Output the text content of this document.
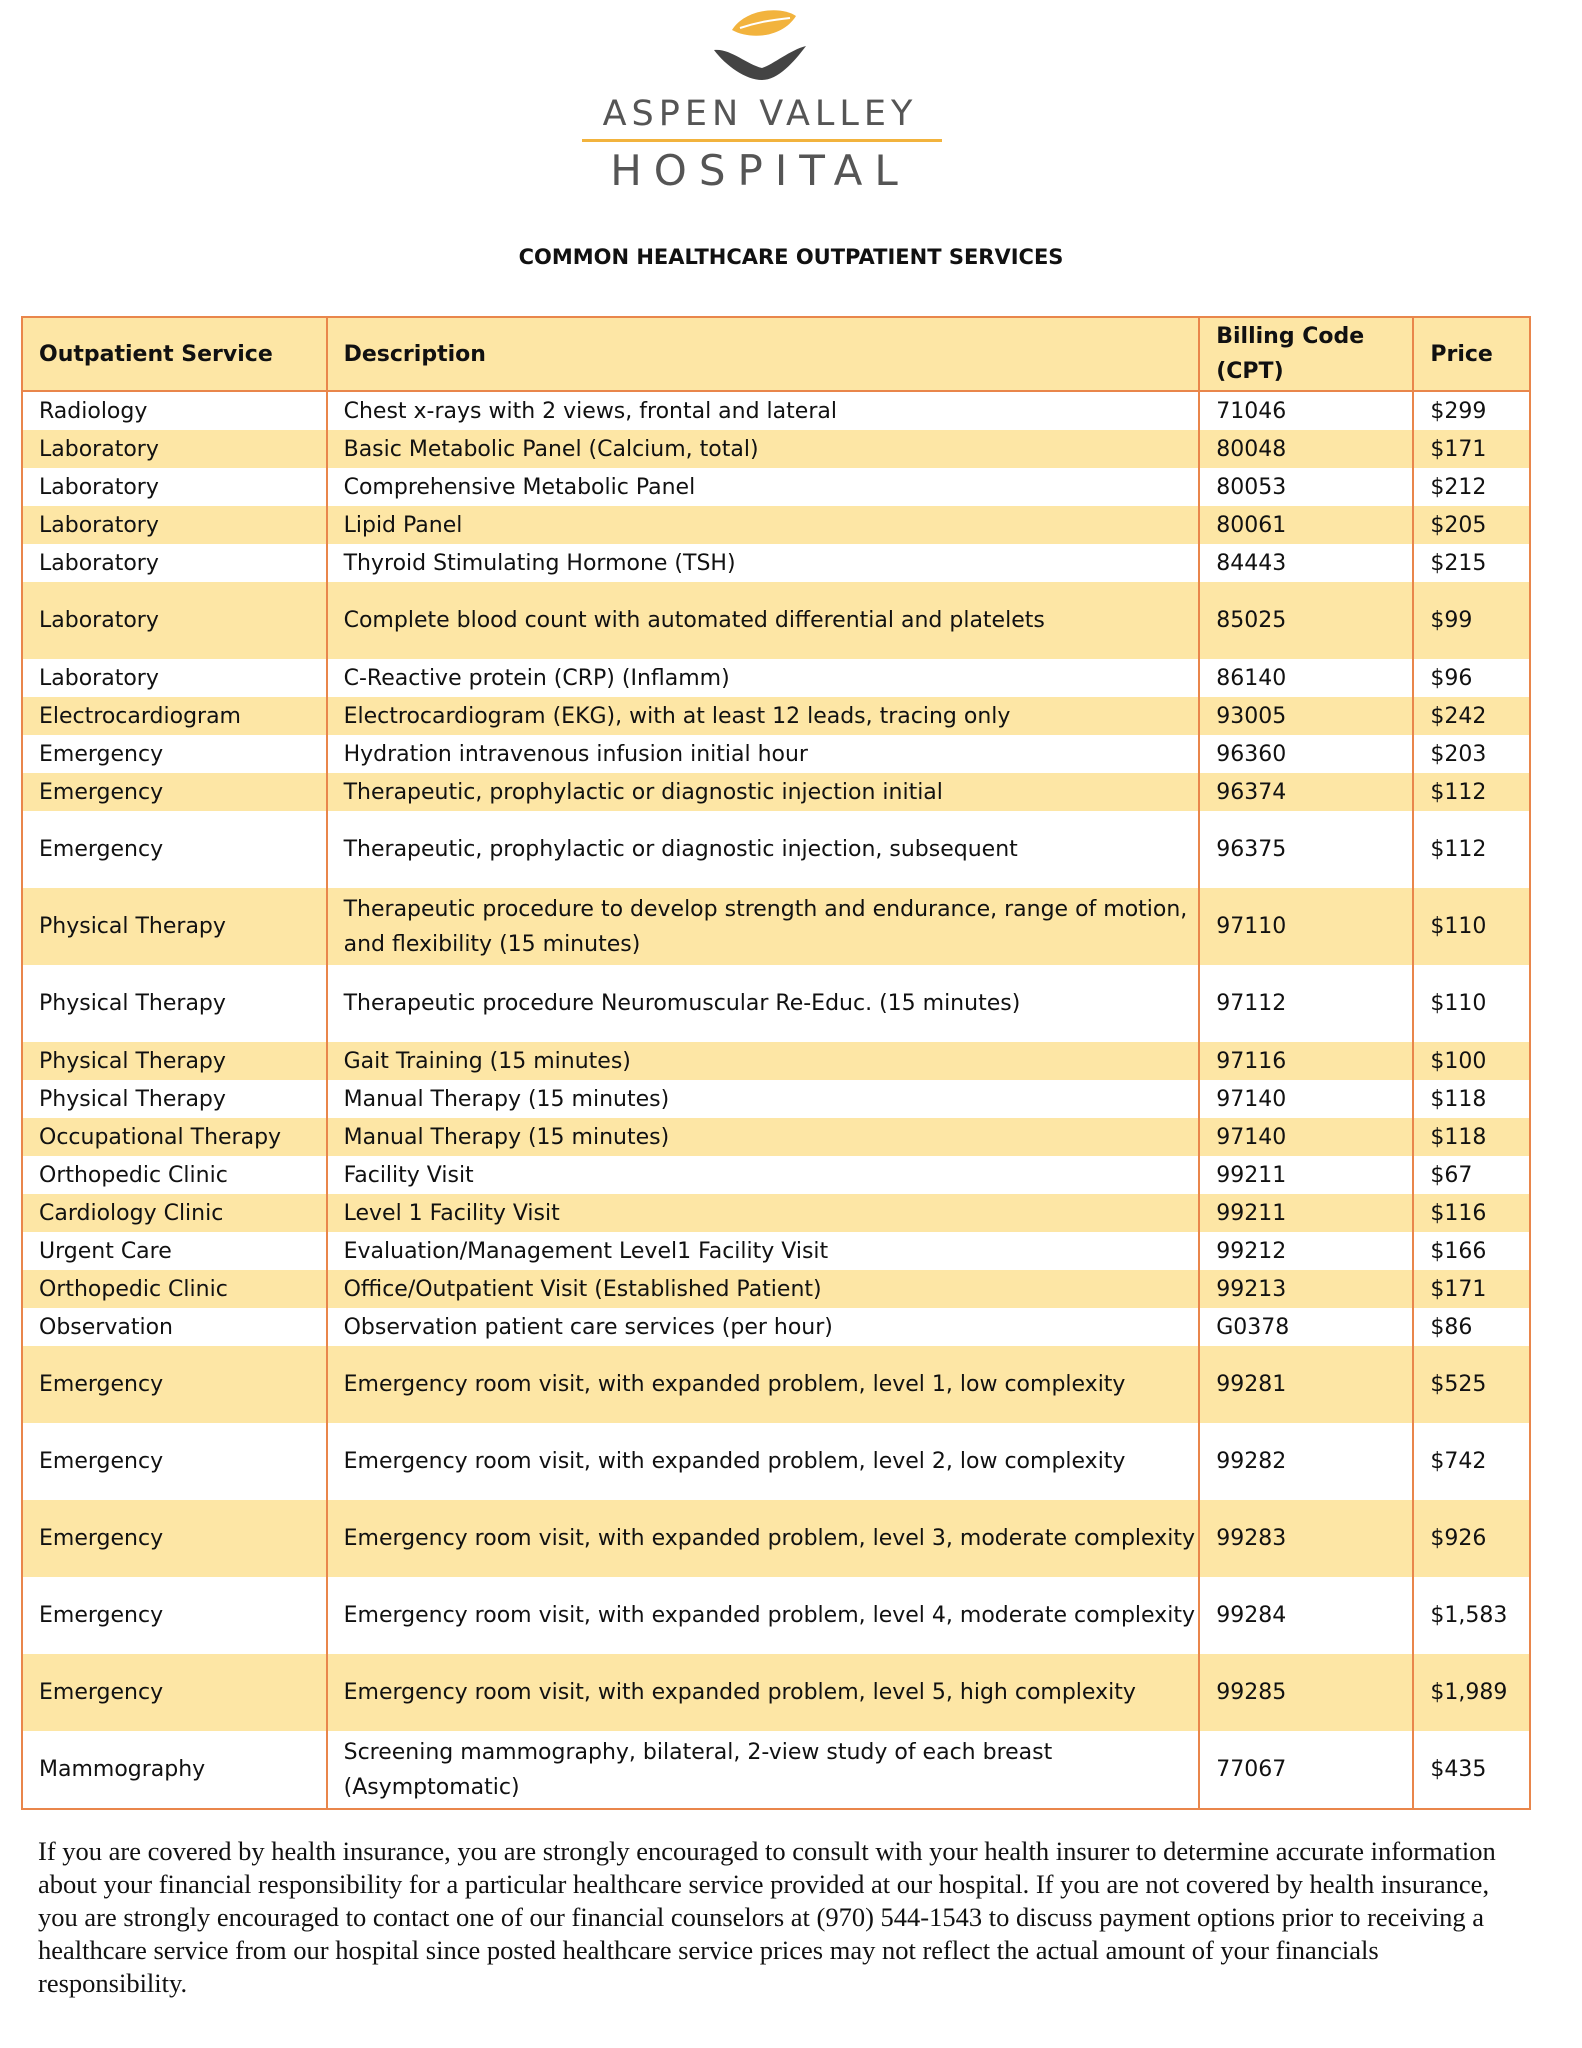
ASPEN VALLEY
HOSPITAL
COMMON HEALTHCARE OUTPATIENT SERVICES
Outpatient Service	Description	Billing Code (CPT)	Price
Radiology	Chest x-rays with 2 views, frontal and lateral	71046	$299
Laboratory	Basic Metabolic Panel (Calcium, total)	80048	$171
Laboratory	Comprehensive Metabolic Panel	80053	$212
Laboratory	Lipid Panel	80061	$205
Laboratory	Thyroid Stimulating Hormone (TSH)	84443	$215
Laboratory	Complete blood count with automated differential and platelets	85025	$99
Laboratory	C-Reactive protein (CRP) (Inflamm)	86140	$96
Electrocardiogram	Electrocardiogram (EKG), with at least 12 leads, tracing only	93005	$242
Emergency	Hydration intravenous infusion initial hour	96360	$203
Emergency	Therapeutic, prophylactic or diagnostic injection initial	96374	$112
Emergency	Therapeutic, prophylactic or diagnostic injection, subsequent	96375	$112
Physical Therapy	Therapeutic procedure to develop strength and endurance, range of motion, and flexibility (15 minutes)	97110	$110
Physical Therapy	Therapeutic procedure Neuromuscular Re-Educ. (15 minutes)	97112	$110
Physical Therapy	Gait Training (15 minutes)	97116	$100
Physical Therapy	Manual Therapy (15 minutes)	97140	$118
Occupational Therapy	Manual Therapy (15 minutes)	97140	$118
Orthopedic Clinic	Facility Visit	99211	$67
Cardiology Clinic	Level 1 Facility Visit	99211	$116
Urgent Care	Evaluation/Management Level1 Facility Visit	99212	$166
Orthopedic Clinic	Office/Outpatient Visit (Established Patient)	99213	$171
Observation	Observation patient care services (per hour)	G0378	$86
Emergency	Emergency room visit, with expanded problem, level 1, low complexity	99281	$525
Emergency	Emergency room visit, with expanded problem, level 2, low complexity	99282	$742
Emergency	Emergency room visit, with expanded problem, level 3, moderate complexity	99283	$926
Emergency	Emergency room visit, with expanded problem, level 4, moderate complexity	99284	$1,583
Emergency	Emergency room visit, with expanded problem, level 5, high complexity	99285	$1,989
Mammography	Screening mammography, bilateral, 2-view study of each breast (Asymptomatic)	77067	$435
If you are covered by health insurance, you are strongly encouraged to consult with your health insurer to determine accurate information about your financial responsibility for a particular healthcare service provided at our hospital. If you are not covered by health insurance, you are strongly encouraged to contact one of our financial counselors at (970) 544-1543 to discuss payment options prior to receiving a healthcare service from our hospital since posted healthcare service prices may not reflect the actual amount of your financials responsibility.
